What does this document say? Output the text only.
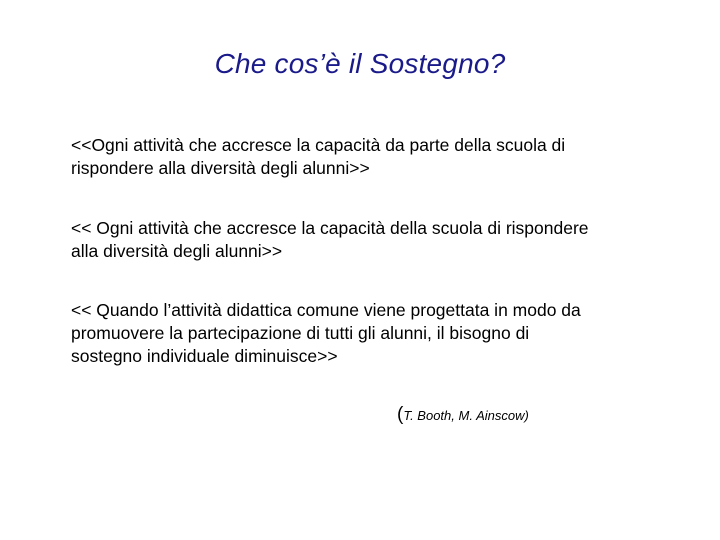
Che cos’è il Sostegno?
<<Ogni attività che accresce la capacità da parte della scuola di
rispondere alla diversità degli alunni>>
<< Ogni attività che accresce la capacità della scuola di rispondere
alla diversità degli alunni>>
<< Quando l’attività didattica comune viene progettata in modo da
promuovere la partecipazione di tutti gli alunni, il bisogno di
sostegno individuale diminuisce>>
(T. Booth, M. Ainscow)
